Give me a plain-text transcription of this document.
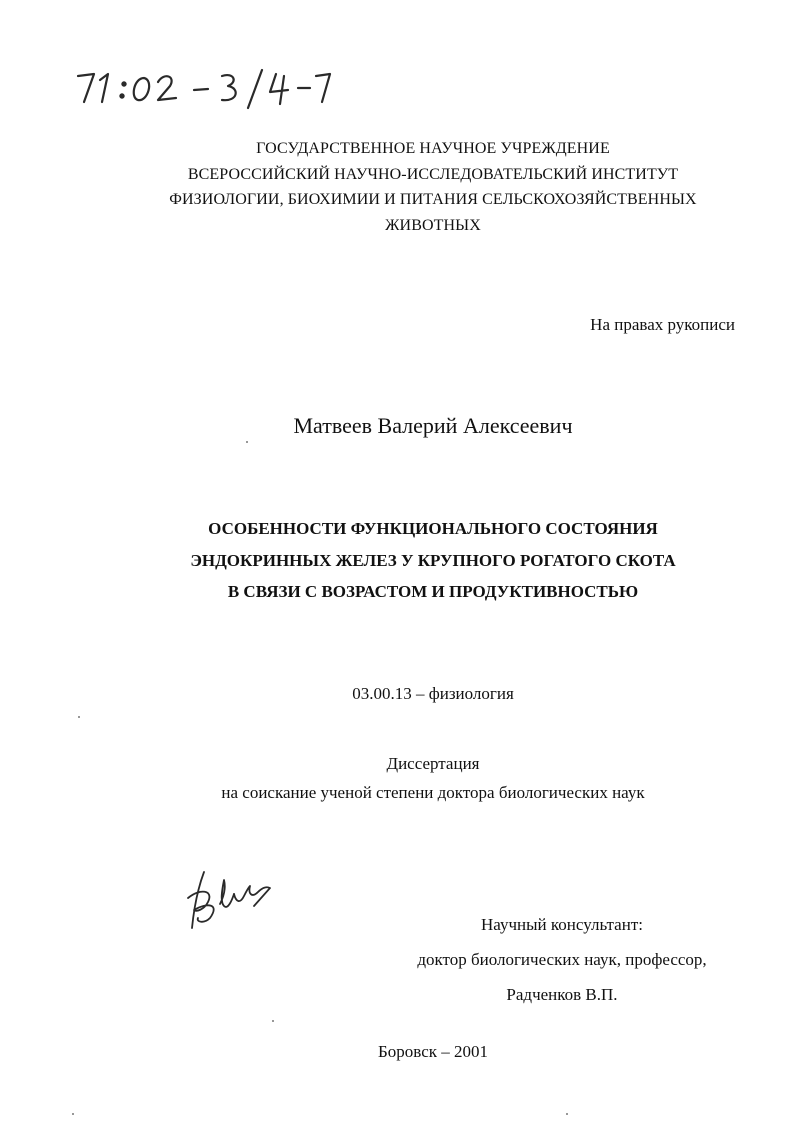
ГОСУДАРСТВЕННОЕ НАУЧНОЕ УЧРЕЖДЕНИЕ
ВСЕРОССИЙСКИЙ НАУЧНО-ИССЛЕДОВАТЕЛЬСКИЙ ИНСТИТУТ
ФИЗИОЛОГИИ, БИОХИМИИ И ПИТАНИЯ СЕЛЬСКОХОЗЯЙСТВЕННЫХ
ЖИВОТНЫХ
На правах рукописи
Матвеев Валерий Алексеевич
ОСОБЕННОСТИ ФУНКЦИОНАЛЬНОГО СОСТОЯНИЯ
ЭНДОКРИННЫХ ЖЕЛЕЗ У КРУПНОГО РОГАТОГО СКОТА
В СВЯЗИ С ВОЗРАСТОМ И ПРОДУКТИВНОСТЬЮ
03.00.13 – физиология
Диссертация
на соискание ученой степени доктора биологических наук
Научный консультант:
доктор биологических наук, профессор,
Радченков В.П.
Боровск – 2001
